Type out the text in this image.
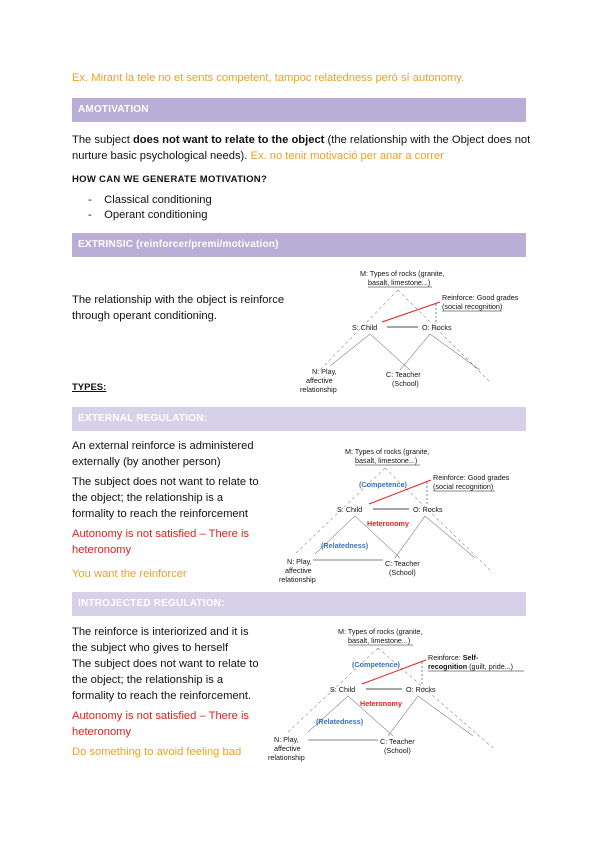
Ex. Mirant la tele no et sents competent, tampoc relatedness però sí autonomy.
AMOTIVATION
The subject does not want to relate to the object (the relationship with the Object does not nurture basic psychological needs). Ex. no tenir motivació per anar a correr
HOW CAN WE GENERATE MOTIVATION?
-    Classical conditioning
-    Operant conditioning
EXTRINSIC (reinforcer/premi/motivation)
The relationship with the object is reinforce through operant conditioning.
TYPES:
M: Types of rocks (granite,
basalt, limestone...)
Reinforce: Good grades
(social recognition)
S: Child	O: Rocks
N: Play,
affective
relationship
C: Teacher
(School)
EXTERNAL REGULATION:
An external reinforce is administered externally (by another person)
The subject does not want to relate to the object; the relationship is a formality to reach the reinforcement
Autonomy is not satisfied – There is heteronomy
You want the reinforcer
M: Types of rocks (granite,
basalt, limestone...)
Reinforce: Good grades
(social recognition)
(Competence)
S: Child	O: Rocks
Heteronomy
(Relatedness)
N: Play,
affective
relationship
C: Teacher
(School)
INTROJECTED REGULATION:
The reinforce is interiorized and it is the subject who gives to herself
The subject does not want to relate to the object; the relationship is a formality to reach the reinforcement.
Autonomy is not satisfied – There is heteronomy
Do something to avoid feeling bad
M: Types of rocks (granite,
basalt, limestone...)
Reinforce: Self-
recognition (guilt, pride...)
(Competence)
S: Child	O: Rocks
Heteronomy
(Relatedness)
N: Play,
affective
relationship
C: Teacher
(School)
